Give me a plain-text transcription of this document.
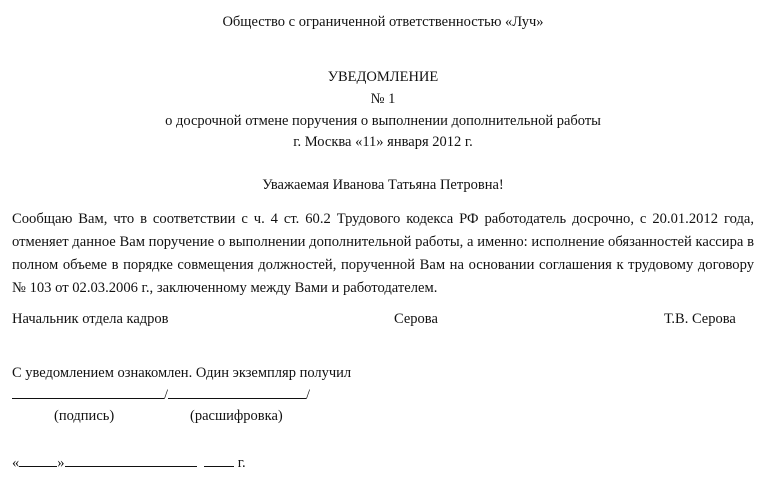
Общество с ограниченной ответственностью «Луч»
УВЕДОМЛЕНИЕ
№ 1
о досрочной отмене поручения о выполнении дополнительной работы
г. Москва «11» января 2012 г.
Уважаемая Иванова Татьяна Петровна!
Сообщаю Вам, что в соответствии с ч. 4 ст. 60.2 Трудового кодекса РФ работодатель досрочно, с 20.01.2012 года, отменяет данное Вам поручение о выполнении дополнительной работы, а именно: исполнение обязанностей кассира в полном объеме в порядке совмещения должностей, порученной Вам на основании соглашения к трудовому договору № 103 от 02.03.2006 г., заключенному между Вами и работодателем.
Начальник отдела кадров	Серова	Т.В. Серова
С уведомлением ознакомлен. Один экземпляр получил
/	/
(подпись)	(расшифровка)
«	»	г.
